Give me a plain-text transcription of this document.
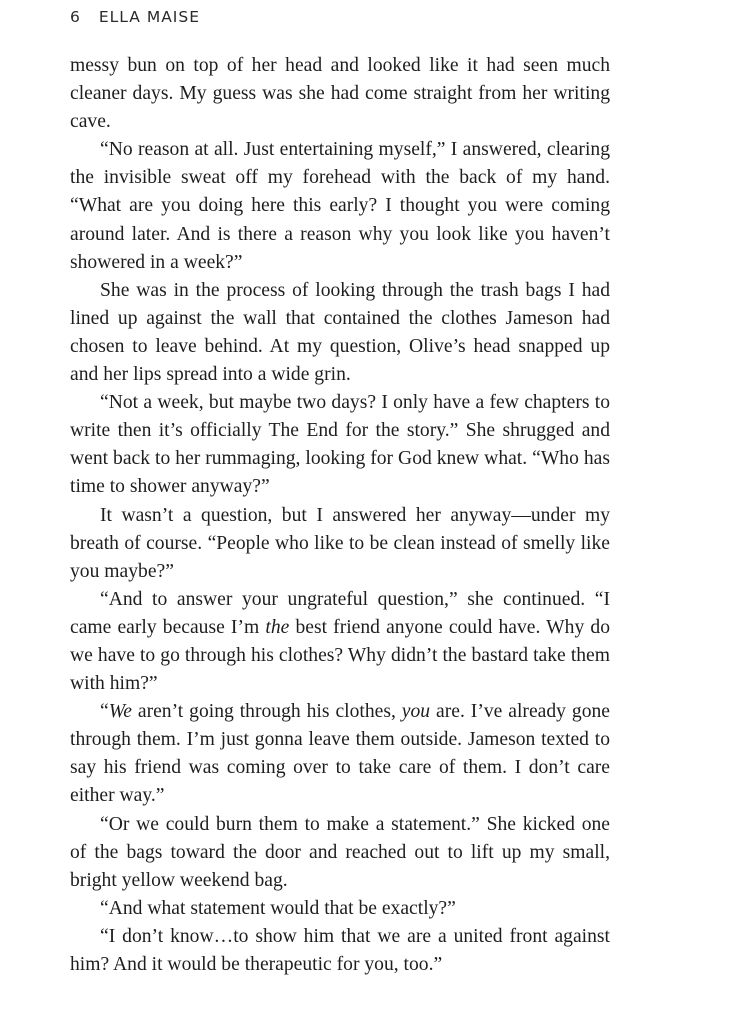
6 ELLA MAISE

messy bun on top of her head and looked like it had seen much cleaner days. My guess was she had come straight from her writing cave.

“No reason at all. Just entertaining myself,” I answered, clearing the invisible sweat off my forehead with the back of my hand. “What are you doing here this early? I thought you were coming around later. And is there a reason why you look like you haven’t showered in a week?”

She was in the process of looking through the trash bags I had lined up against the wall that contained the clothes Jameson had chosen to leave behind. At my question, Olive’s head snapped up and her lips spread into a wide grin.

“Not a week, but maybe two days? I only have a few chapters to write then it’s officially The End for the story.” She shrugged and went back to her rummaging, looking for God knew what. “Who has time to shower anyway?”

It wasn’t a question, but I answered her anyway—under my breath of course. “People who like to be clean instead of smelly like you maybe?”

“And to answer your ungrateful question,” she continued. “I came early because I’m the best friend anyone could have. Why do we have to go through his clothes? Why didn’t the bastard take them with him?”

“We aren’t going through his clothes, you are. I’ve already gone through them. I’m just gonna leave them outside. Jameson texted to say his friend was coming over to take care of them. I don’t care either way.”

“Or we could burn them to make a statement.” She kicked one of the bags toward the door and reached out to lift up my small, bright yellow weekend bag.

“And what statement would that be exactly?”

“I don’t know…to show him that we are a united front against him? And it would be therapeutic for you, too.”
